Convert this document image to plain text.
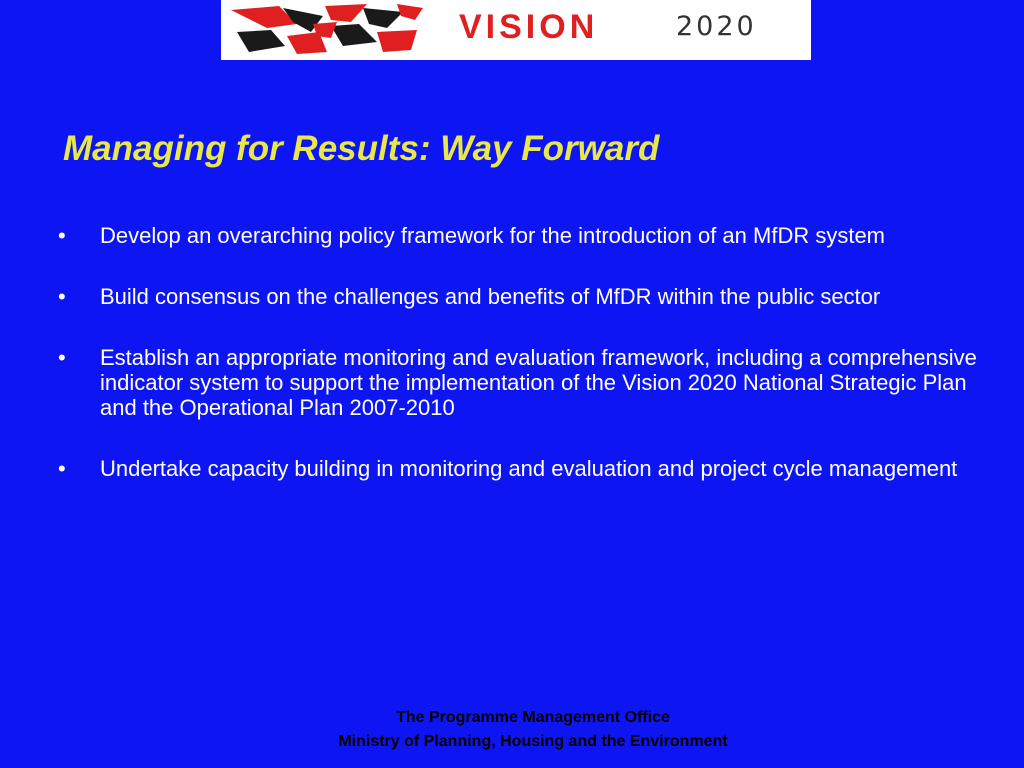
VISION	2020
Managing for Results: Way Forward
•	Develop an overarching policy framework for the introduction of an MfDR system
•	Build consensus on the challenges and benefits of MfDR within the public sector
•	Establish an appropriate monitoring and evaluation framework, including a comprehensive indicator system to support the implementation of the Vision 2020 National Strategic Plan and the Operational Plan 2007-2010
•	Undertake capacity building in monitoring and evaluation and project cycle management
The Programme Management Office
Ministry of Planning, Housing and the Environment
